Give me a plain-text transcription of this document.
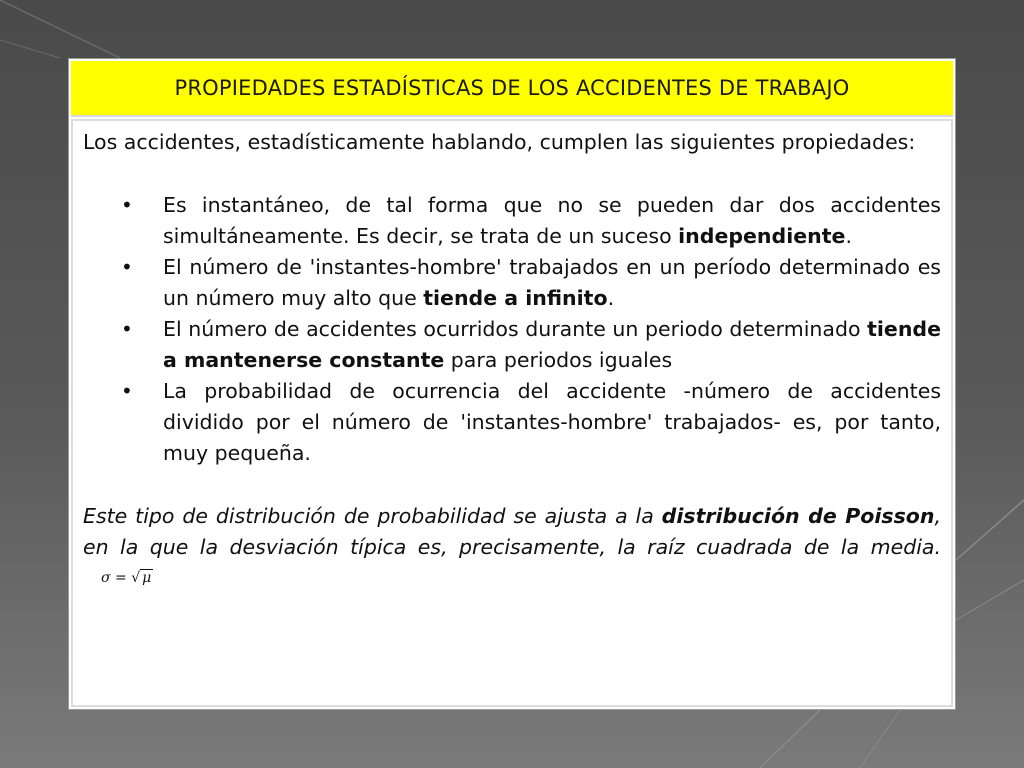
PROPIEDADES ESTADÍSTICAS DE LOS ACCIDENTES DE TRABAJO

Los accidentes, estadísticamente hablando, cumplen las siguientes propiedades:

• Es instantáneo, de tal forma que no se pueden dar dos accidentes simultáneamente. Es decir, se trata de un suceso independiente.
• El número de 'instantes-hombre' trabajados en un período determinado es un número muy alto que tiende a infinito.
• El número de accidentes ocurridos durante un periodo determinado tiende a mantenerse constante para periodos iguales
• La probabilidad de ocurrencia del accidente -número de accidentes dividido por el número de 'instantes-hombre' trabajados- es, por tanto, muy pequeña.

Este tipo de distribución de probabilidad se ajusta a la distribución de Poisson, en la que la desviación típica es, precisamente, la raíz cuadrada de la media. σ = √ μ
